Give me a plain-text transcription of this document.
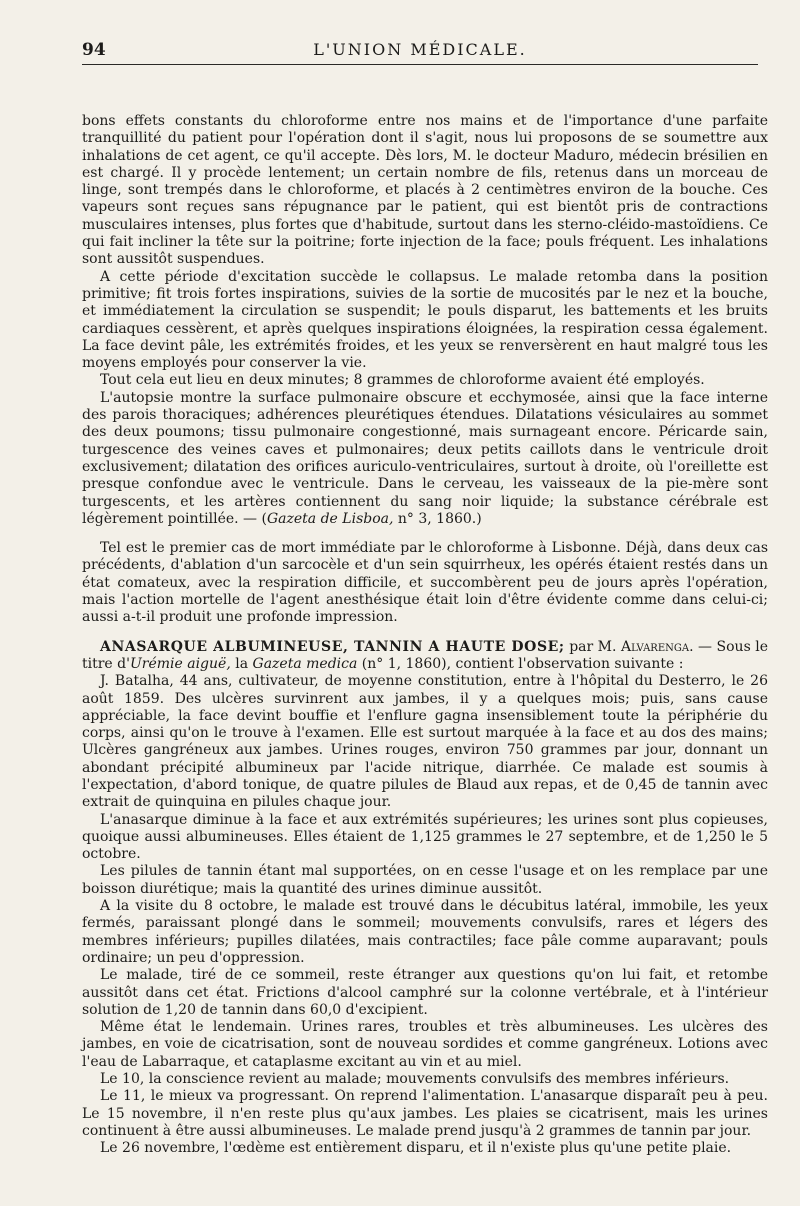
94	L'UNION MÉDICALE.

bons effets constants du chloroforme entre nos mains et de l'importance d'une parfaite tranquillité du patient pour l'opération dont il s'agit, nous lui proposons de se soumettre aux inhalations de cet agent, ce qu'il accepte. Dès lors, M. le docteur Maduro, médecin brésilien en est chargé. Il y procède lentement; un certain nombre de fils, retenus dans un morceau de linge, sont trempés dans le chloroforme, et placés à 2 centimètres environ de la bouche. Ces vapeurs sont reçues sans répugnance par le patient, qui est bientôt pris de contractions musculaires intenses, plus fortes que d'habitude, surtout dans les sterno-cléido-mastoïdiens. Ce qui fait incliner la tête sur la poitrine; forte injection de la face; pouls fréquent. Les inhalations sont aussitôt suspendues.

A cette période d'excitation succède le collapsus. Le malade retomba dans la position primitive; fit trois fortes inspirations, suivies de la sortie de mucosités par le nez et la bouche, et immédiatement la circulation se suspendit; le pouls disparut, les battements et les bruits cardiaques cessèrent, et après quelques inspirations éloignées, la respiration cessa également. La face devint pâle, les extrémités froides, et les yeux se renversèrent en haut malgré tous les moyens employés pour conserver la vie.

Tout cela eut lieu en deux minutes; 8 grammes de chloroforme avaient été employés.

L'autopsie montre la surface pulmonaire obscure et ecchymosée, ainsi que la face interne des parois thoraciques; adhérences pleurétiques étendues. Dilatations vésiculaires au sommet des deux poumons; tissu pulmonaire congestionné, mais surnageant encore. Péricarde sain, turgescence des veines caves et pulmonaires; deux petits caillots dans le ventricule droit exclusivement; dilatation des orifices auriculo-ventriculaires, surtout à droite, où l'oreillette est presque confondue avec le ventricule. Dans le cerveau, les vaisseaux de la pie-mère sont turgescents, et les artères contiennent du sang noir liquide; la substance cérébrale est légèrement pointillée. — (Gazeta de Lisboa, n° 3, 1860.)

Tel est le premier cas de mort immédiate par le chloroforme à Lisbonne. Déjà, dans deux cas précédents, d'ablation d'un sarcocèle et d'un sein squirrheux, les opérés étaient restés dans un état comateux, avec la respiration difficile, et succombèrent peu de jours après l'opération, mais l'action mortelle de l'agent anesthésique était loin d'être évidente comme dans celui-ci; aussi a-t-il produit une profonde impression.

ANASARQUE ALBUMINEUSE, TANNIN A HAUTE DOSE; par M. Alvarenga. — Sous le titre d'Urémie aiguë, la Gazeta medica (n° 1, 1860), contient l'observation suivante :

J. Batalha, 44 ans, cultivateur, de moyenne constitution, entre à l'hôpital du Desterro, le 26 août 1859. Des ulcères survinrent aux jambes, il y a quelques mois; puis, sans cause appréciable, la face devint bouffie et l'enflure gagna insensiblement toute la périphérie du corps, ainsi qu'on le trouve à l'examen. Elle est surtout marquée à la face et au dos des mains; Ulcères gangréneux aux jambes. Urines rouges, environ 750 grammes par jour, donnant un abondant précipité albumineux par l'acide nitrique, diarrhée. Ce malade est soumis à l'expectation, d'abord tonique, de quatre pilules de Blaud aux repas, et de 0,45 de tannin avec extrait de quinquina en pilules chaque jour.

L'anasarque diminue à la face et aux extrémités supérieures; les urines sont plus copieuses, quoique aussi albumineuses. Elles étaient de 1,125 grammes le 27 septembre, et de 1,250 le 5 octobre.

Les pilules de tannin étant mal supportées, on en cesse l'usage et on les remplace par une boisson diurétique; mais la quantité des urines diminue aussitôt.

A la visite du 8 octobre, le malade est trouvé dans le décubitus latéral, immobile, les yeux fermés, paraissant plongé dans le sommeil; mouvements convulsifs, rares et légers des membres inférieurs; pupilles dilatées, mais contractiles; face pâle comme auparavant; pouls ordinaire; un peu d'oppression.

Le malade, tiré de ce sommeil, reste étranger aux questions qu'on lui fait, et retombe aussitôt dans cet état. Frictions d'alcool camphré sur la colonne vertébrale, et à l'intérieur solution de 1,20 de tannin dans 60,0 d'excipient.

Même état le lendemain. Urines rares, troubles et très albumineuses. Les ulcères des jambes, en voie de cicatrisation, sont de nouveau sordides et comme gangréneux. Lotions avec l'eau de Labarraque, et cataplasme excitant au vin et au miel.

Le 10, la conscience revient au malade; mouvements convulsifs des membres inférieurs.

Le 11, le mieux va progressant. On reprend l'alimentation. L'anasarque disparaît peu à peu. Le 15 novembre, il n'en reste plus qu'aux jambes. Les plaies se cicatrisent, mais les urines continuent à être aussi albumineuses. Le malade prend jusqu'à 2 grammes de tannin par jour.

Le 26 novembre, l'œdème est entièrement disparu, et il n'existe plus qu'une petite plaie.
